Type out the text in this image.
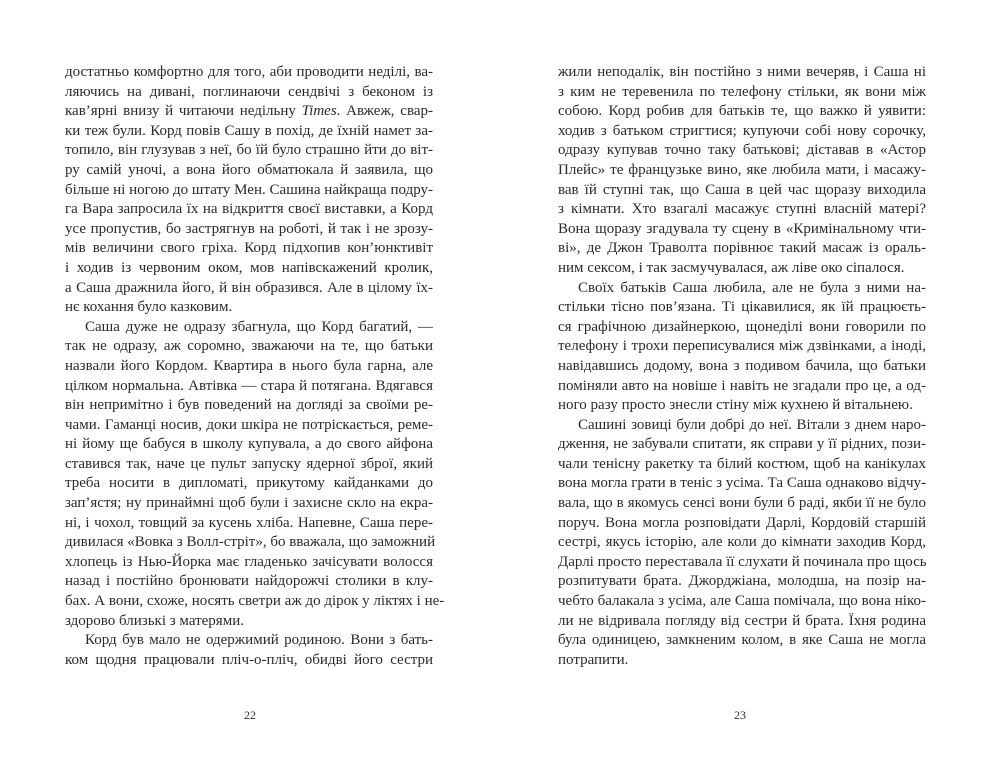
достатньо комфортно для того, аби проводити неділі, ва-
ляючись на дивані, поглинаючи сендвічі з беконом із
кав’ярні внизу й читаючи недільну Times. Авжеж, свар-
ки теж були. Корд повів Сашу в похід, де їхній намет за-
топило, він глузував з неї, бо їй було страшно йти до віт-
ру самій уночі, а вона його обматюкала й заявила, що
більше ні ногою до штату Мен. Сашина найкраща подру-
га Вара запросила їх на відкриття своєї виставки, а Корд
усе пропустив, бо застрягнув на роботі, й так і не зрозу-
мів величини свого гріха. Корд підхопив кон’юнктивіт
і ходив із червоним оком, мов напівскажений кролик,
а Саша дражнила його, й він образився. Але в цілому їх-
нє кохання було казковим.
Саша дуже не одразу збагнула, що Корд багатий, —
так не одразу, аж соромно, зважаючи на те, що батьки
назвали його Кордом. Квартира в нього була гарна, але
цілком нормальна. Автівка — стара й потягана. Вдягався
він непримітно і був поведений на догляді за своїми ре-
чами. Гаманці носив, доки шкіра не потріскається, реме-
ні йому ще бабуся в школу купувала, а до свого айфона
ставився так, наче це пульт запуску ядерної зброї, який
треба носити в дипломаті, прикутому кайданками до
зап’ястя; ну принаймні щоб були і захисне скло на екра-
ні, і чохол, товщий за кусень хліба. Напевне, Саша пере-
дивилася «Вовка з Волл-стріт», бо вважала, що заможний
хлопець із Нью-Йорка має гладенько зачісувати волосся
назад і постійно бронювати найдорожчі столики в клу-
бах. А вони, схоже, носять светри аж до дірок у ліктях і не-
здорово близькі з матерями.
Корд був мало не одержимий родиною. Вони з бать-
ком щодня працювали пліч-о-пліч, обидві його сестри
жили неподалік, він постійно з ними вечеряв, і Саша ні
з ким не теревенила по телефону стільки, як вони між
собою. Корд робив для батьків те, що важко й уявити:
ходив з батьком стригтися; купуючи собі нову сорочку,
одразу купував точно таку батькові; діставав в «Астор
Плейс» те французьке вино, яке любила мати, і масажу-
вав їй ступні так, що Саша в цей час щоразу виходила
з кімнати. Хто взагалі масажує ступні власній матері?
Вона щоразу згадувала ту сцену в «Кримінальному чти-
ві», де Джон Траволта порівнює такий масаж із ораль-
ним сексом, і так засмучувалася, аж ліве око сіпалося.
Своїх батьків Саша любила, але не була з ними на-
стільки тісно пов’язана. Ті цікавилися, як їй працюєть-
ся графічною дизайнеркою, щонеділі вони говорили по
телефону і трохи переписувалися між дзвінками, а іноді,
навідавшись додому, вона з подивом бачила, що батьки
поміняли авто на новіше і навіть не згадали про це, а од-
ного разу просто знесли стіну між кухнею й вітальнею.
Сашині зовиці були добрі до неї. Вітали з днем наро-
дження, не забували спитати, як справи у її рідних, пози-
чали тенісну ракетку та білий костюм, щоб на канікулах
вона могла грати в теніс з усіма. Та Саша однаково відчу-
вала, що в якомусь сенсі вони були б раді, якби її не було
поруч. Вона могла розповідати Дарлі, Кордовій старшій
сестрі, якусь історію, але коли до кімнати заходив Корд,
Дарлі просто переставала її слухати й починала про щось
розпитувати брата. Джорджіана, молодша, на позір на-
чебто балакала з усіма, але Саша помічала, що вона ніко-
ли не відривала погляду від сестри й брата. Їхня родина
була одиницею, замкненим колом, в яке Саша не могла
потрапити.
22	23
